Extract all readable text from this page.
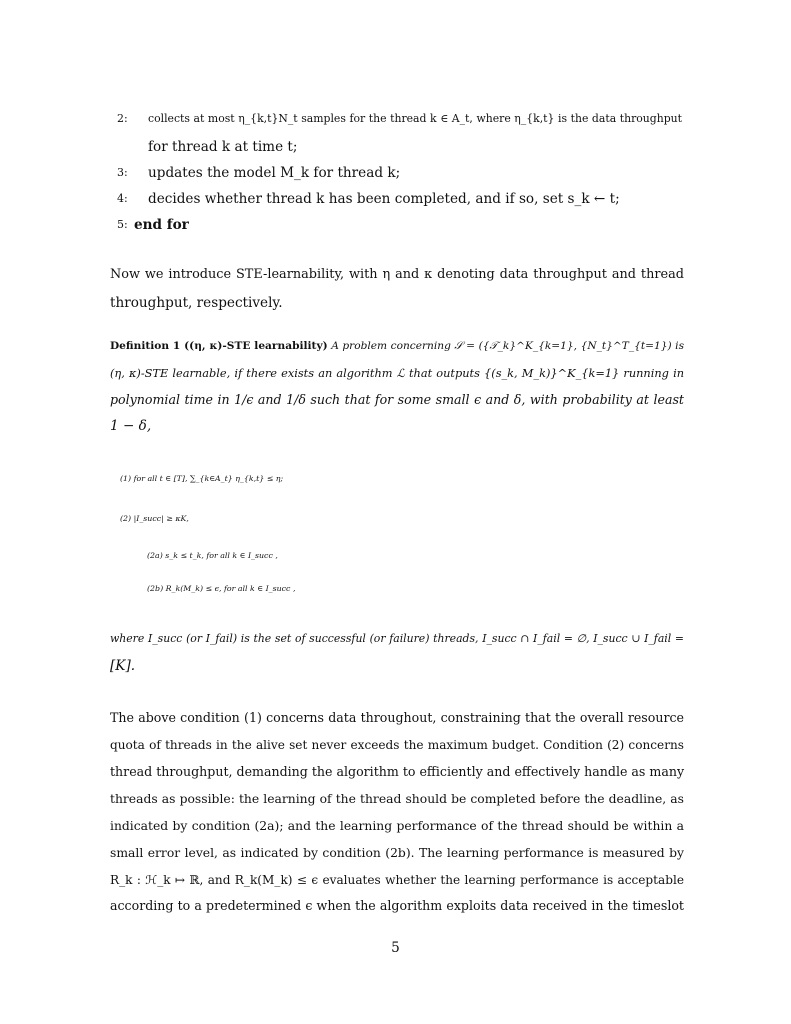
2: collects at most η_{k,t}N_t samples for the thread k ∈ A_t, where η_{k,t} is the data throughput
for thread k at time t;
3: updates the model M_k for thread k;
4: decides whether thread k has been completed, and if so, set s_k ← t;
5: end for
Now we introduce STE-learnability, with η and κ denoting data throughput and thread
throughput, respectively.
Definition 1 ((η, κ)-STE learnability) A problem concerning 𝒮 = ({𝒯_k}^K_{k=1}, {N_t}^T_{t=1}) is
(η, κ)-STE learnable, if there exists an algorithm ℒ that outputs {(s_k, M_k)}^K_{k=1} running in
polynomial time in 1/ϵ and 1/δ such that for some small ϵ and δ, with probability at least
1 − δ,
(1) for all t ∈ [T], ∑_{k∈A_t} η_{k,t} ≤ η;
(2) |I_succ| ≥ κK,
(2a) s_k ≤ t_k, for all k ∈ I_succ ,
(2b) R_k(M_k) ≤ ϵ, for all k ∈ I_succ ,
where I_succ (or I_fail) is the set of successful (or failure) threads, I_succ ∩ I_fail = ∅, I_succ ∪ I_fail =
[K].
The above condition (1) concerns data throughout, constraining that the overall resource
quota of threads in the alive set never exceeds the maximum budget. Condition (2) concerns
thread throughput, demanding the algorithm to efficiently and effectively handle as many
threads as possible: the learning of the thread should be completed before the deadline, as
indicated by condition (2a); and the learning performance of the thread should be within a
small error level, as indicated by condition (2b). The learning performance is measured by
R_k : ℋ_k ↦ ℝ, and R_k(M_k) ≤ ϵ evaluates whether the learning performance is acceptable
according to a predetermined ϵ when the algorithm exploits data received in the timeslot
5
